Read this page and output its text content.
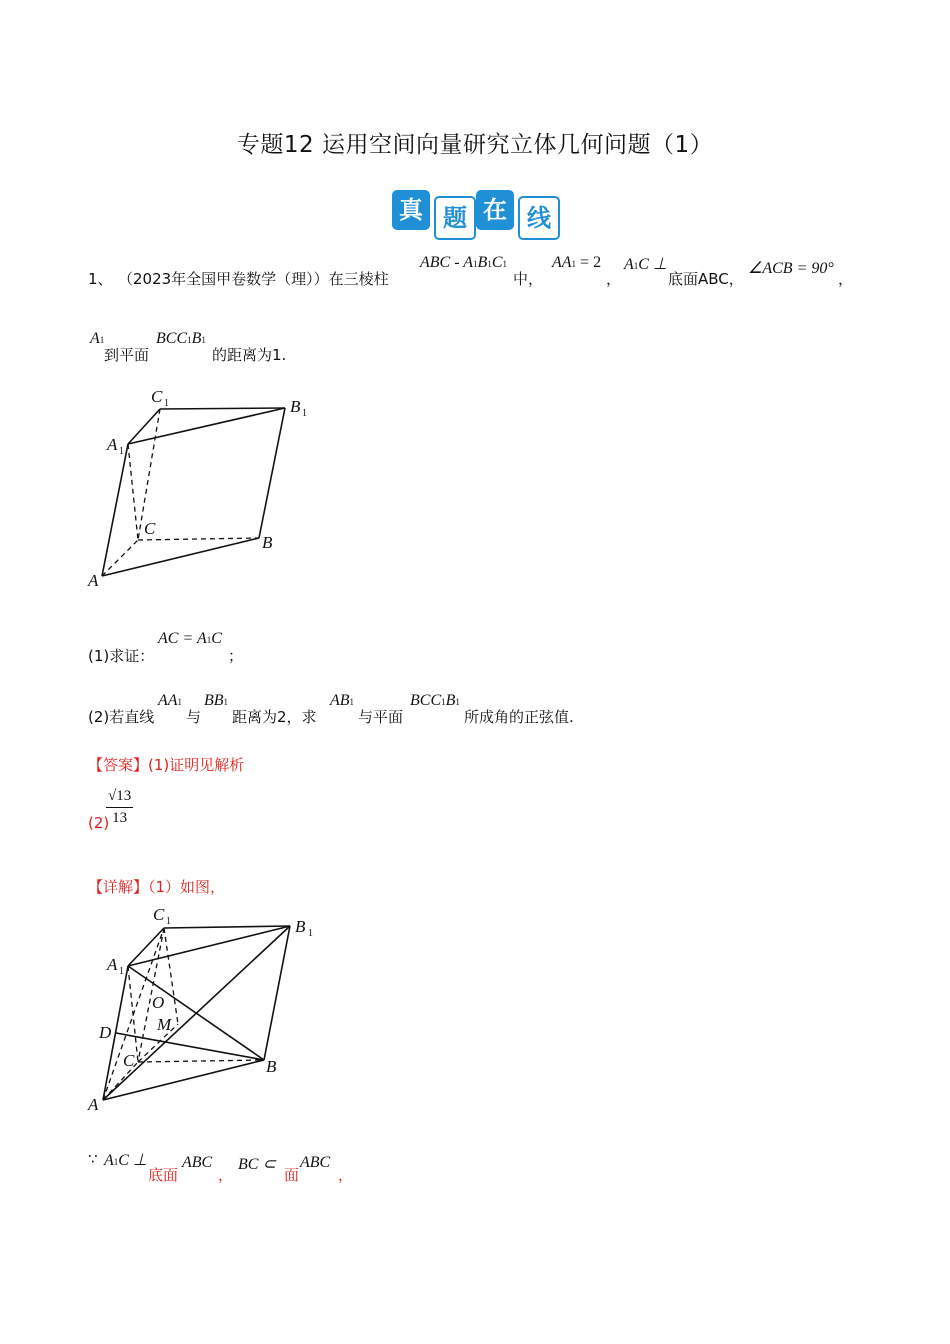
专题12 运用空间向量研究立体几何问题（1）
真 题 在 线
1、 （2023年全国甲卷数学（理））在三棱柱
ABC - A1B1C1
中，
AA1 = 2
，
A1C ⊥
底面ABC，
∠ACB = 90°
，
A1
到平面
BCC1B1
的距离为1.
C 1	B 1
A 1
C
B
A
(1)求证：
AC = A1C
；
(2)若直线
AA1
与
BB1
距离为2，求
AB1
与平面
BCC1B1
所成角的正弦值.
【答案】(1)证明见解析
(2)
√13
13
【详解】（1）如图，
C 1	B 1
A 1
O
M
D
C	B
A
∵ A1C ⊥
底面
ABC
，
BC ⊂
面
ABC
，
